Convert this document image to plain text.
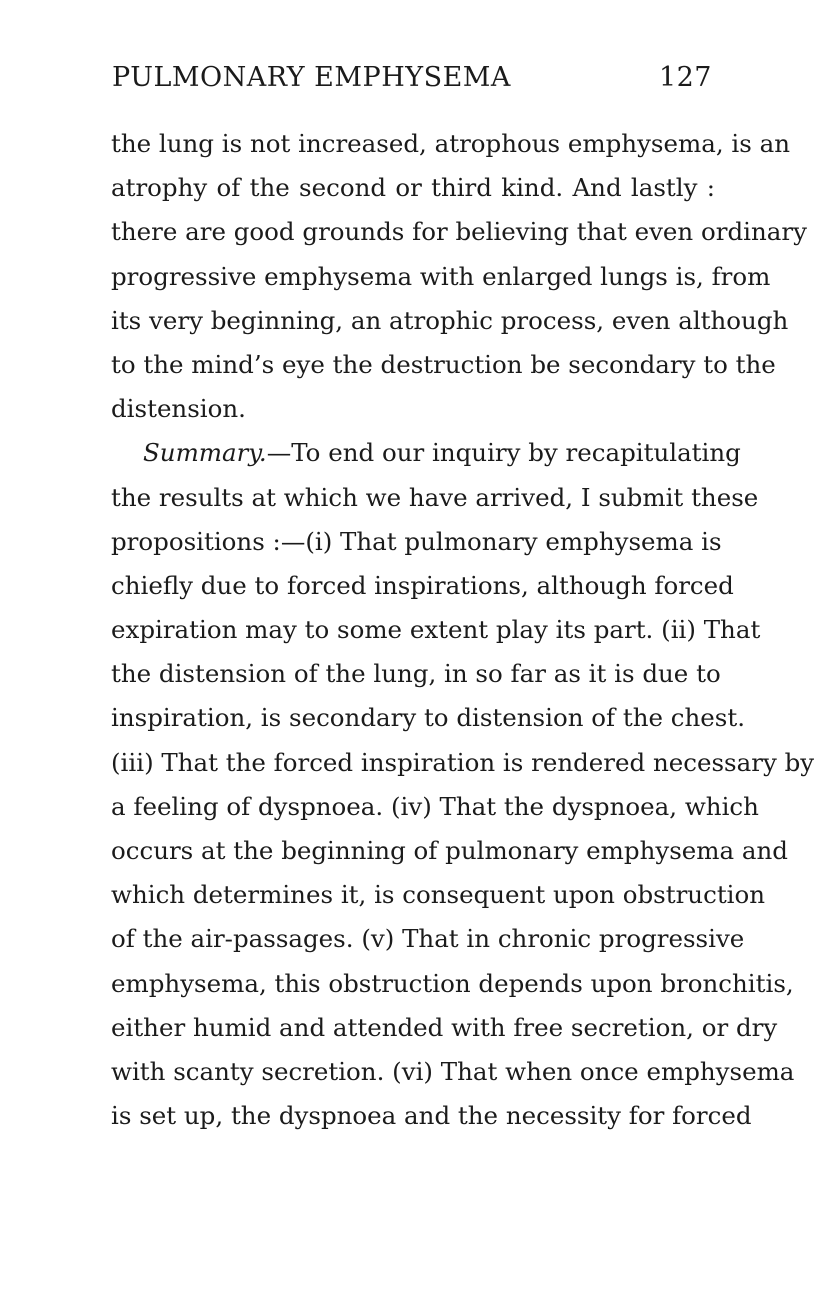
PULMONARY EMPHYSEMA	127
the lung is not increased, atrophous emphysema, is an
atrophy of the second or third kind. And lastly :
there are good grounds for believing that even ordinary
progressive emphysema with enlarged lungs is, from
its very beginning, an atrophic process, even although
to the mind’s eye the destruction be secondary to the
distension.
Summary.—To end our inquiry by recapitulating
the results at which we have arrived, I submit these
propositions :—(i) That pulmonary emphysema is
chiefly due to forced inspirations, although forced
expiration may to some extent play its part. (ii) That
the distension of the lung, in so far as it is due to
inspiration, is secondary to distension of the chest.
(iii) That the forced inspiration is rendered necessary by
a feeling of dyspnoea. (iv) That the dyspnoea, which
occurs at the beginning of pulmonary emphysema and
which determines it, is consequent upon obstruction
of the air-passages. (v) That in chronic progressive
emphysema, this obstruction depends upon bronchitis,
either humid and attended with free secretion, or dry
with scanty secretion. (vi) That when once emphysema
is set up, the dyspnoea and the necessity for forced
